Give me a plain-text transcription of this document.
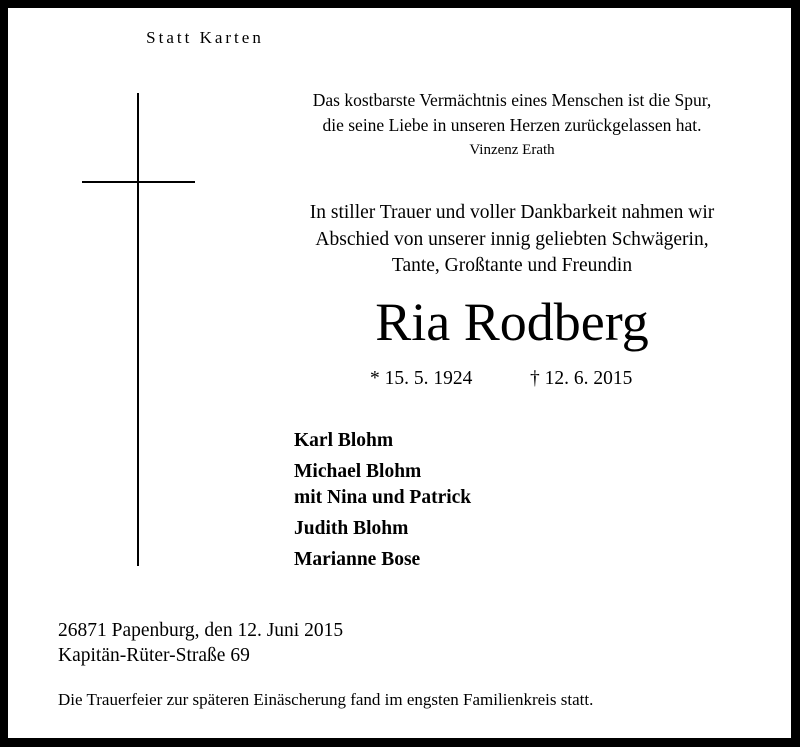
Statt Karten
Das kostbarste Vermächtnis eines Menschen ist die Spur,
die seine Liebe in unseren Herzen zurückgelassen hat.
Vinzenz Erath
In stiller Trauer und voller Dankbarkeit nahmen wir
Abschied von unserer innig geliebten Schwägerin,
Tante, Großtante und Freundin
Ria Rodberg
* 15. 5. 1924	† 12. 6. 2015
Karl Blohm
Michael Blohm
mit Nina und Patrick
Judith Blohm
Marianne Bose
26871 Papenburg, den 12. Juni 2015
Kapitän-Rüter-Straße 69
Die Trauerfeier zur späteren Einäscherung fand im engsten Familienkreis statt.
